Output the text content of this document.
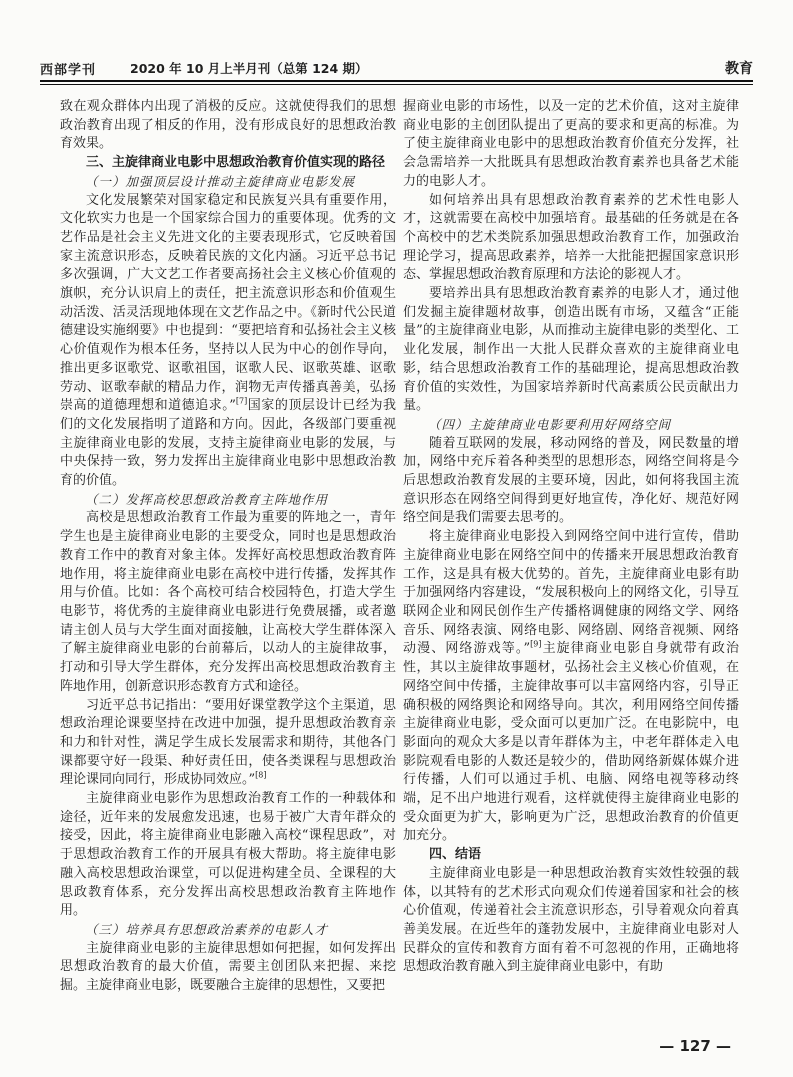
西部学刊	2020 年 10 月上半月刊（总第 124 期）	教育

致在观众群体内出现了消极的反应。这就使得我们的思想政治教育出现了相反的作用，没有形成良好的思想政治教育效果。

三、主旋律商业电影中思想政治教育价值实现的路径
（一）加强顶层设计推动主旋律商业电影发展

文化发展繁荣对国家稳定和民族复兴具有重要作用，文化软实力也是一个国家综合国力的重要体现。优秀的文艺作品是社会主义先进文化的主要表现形式，它反映着国家主流意识形态，反映着民族的文化内涵。习近平总书记多次强调，广大文艺工作者要高扬社会主义核心价值观的旗帜，充分认识肩上的责任，把主流意识形态和价值观生动活泼、活灵活现地体现在文艺作品之中。《新时代公民道德建设实施纲要》中也提到：“要把培育和弘扬社会主义核心价值观作为根本任务，坚持以人民为中心的创作导向，推出更多讴歌党、讴歌祖国，讴歌人民、讴歌英雄、讴歌劳动、讴歌奉献的精品力作，润物无声传播真善美，弘扬崇高的道德理想和道德追求。”[7]国家的顶层设计已经为我们的文化发展指明了道路和方向。因此，各级部门要重视主旋律商业电影的发展，支持主旋律商业电影的发展，与中央保持一致，努力发挥出主旋律商业电影中思想政治教育的价值。

（二）发挥高校思想政治教育主阵地作用

高校是思想政治教育工作最为重要的阵地之一，青年学生也是主旋律商业电影的主要受众，同时也是思想政治教育工作中的教育对象主体。发挥好高校思想政治教育阵地作用，将主旋律商业电影在高校中进行传播，发挥其作用与价值。比如：各个高校可结合校园特色，打造大学生电影节，将优秀的主旋律商业电影进行免费展播，或者邀请主创人员与大学生面对面接触，让高校大学生群体深入了解主旋律商业电影的台前幕后，以动人的主旋律故事，打动和引导大学生群体，充分发挥出高校思想政治教育主阵地作用，创新意识形态教育方式和途径。

习近平总书记指出：“要用好课堂教学这个主渠道，思想政治理论课要坚持在改进中加强，提升思想政治教育亲和力和针对性，满足学生成长发展需求和期待，其他各门课都要守好一段渠、种好责任田，使各类课程与思想政治理论课同向同行，形成协同效应。”[8]

主旋律商业电影作为思想政治教育工作的一种载体和途径，近年来的发展愈发迅速，也易于被广大青年群众的接受，因此，将主旋律商业电影融入高校“课程思政”，对于思想政治教育工作的开展具有极大帮助。将主旋律电影融入高校思想政治课堂，可以促进构建全员、全课程的大思政教育体系，充分发挥出高校思想政治教育主阵地作用。

（三）培养具有思想政治素养的电影人才

主旋律商业电影的主旋律思想如何把握，如何发挥出思想政治教育的最大价值，需要主创团队来把握、来挖掘。主旋律商业电影，既要融合主旋律的思想性，又要把

握商业电影的市场性，以及一定的艺术价值，这对主旋律商业电影的主创团队提出了更高的要求和更高的标准。为了使主旋律商业电影中的思想政治教育价值充分发挥，社会急需培养一大批既具有思想政治教育素养也具备艺术能力的电影人才。

如何培养出具有思想政治教育素养的艺术性电影人才，这就需要在高校中加强培育。最基础的任务就是在各个高校中的艺术类院系加强思想政治教育工作，加强政治理论学习，提高思政素养，培养一大批能把握国家意识形态、掌握思想政治教育原理和方法论的影视人才。

要培养出具有思想政治教育素养的电影人才，通过他们发掘主旋律题材故事，创造出既有市场，又蕴含“正能量”的主旋律商业电影，从而推动主旋律电影的类型化、工业化发展，制作出一大批人民群众喜欢的主旋律商业电影，结合思想政治教育工作的基础理论，提高思想政治教育价值的实效性，为国家培养新时代高素质公民贡献出力量。

（四）主旋律商业电影要利用好网络空间

随着互联网的发展，移动网络的普及，网民数量的增加，网络中充斥着各种类型的思想形态，网络空间将是今后思想政治教育发展的主要环境，因此，如何将我国主流意识形态在网络空间得到更好地宣传，净化好、规范好网络空间是我们需要去思考的。

将主旋律商业电影投入到网络空间中进行宣传，借助主旋律商业电影在网络空间中的传播来开展思想政治教育工作，这是具有极大优势的。首先，主旋律商业电影有助于加强网络内容建设，“发展积极向上的网络文化，引导互联网企业和网民创作生产传播格调健康的网络文学、网络音乐、网络表演、网络电影、网络剧、网络音视频、网络动漫、网络游戏等。”[9]主旋律商业电影自身就带有政治性，其以主旋律故事题材，弘扬社会主义核心价值观，在网络空间中传播，主旋律故事可以丰富网络内容，引导正确积极的网络舆论和网络导向。其次，利用网络空间传播主旋律商业电影，受众面可以更加广泛。在电影院中，电影面向的观众大多是以青年群体为主，中老年群体走入电影院观看电影的人数还是较少的，借助网络新媒体媒介进行传播，人们可以通过手机、电脑、网络电视等移动终端，足不出户地进行观看，这样就使得主旋律商业电影的受众面更为扩大，影响更为广泛，思想政治教育的价值更加充分。

四、结语

主旋律商业电影是一种思想政治教育实效性较强的载体，以其特有的艺术形式向观众们传递着国家和社会的核心价值观，传递着社会主流意识形态，引导着观众向着真善美发展。在近些年的蓬勃发展中，主旋律商业电影对人民群众的宣传和教育方面有着不可忽视的作用，正确地将思想政治教育融入到主旋律商业电影中，有助

— 127 —
